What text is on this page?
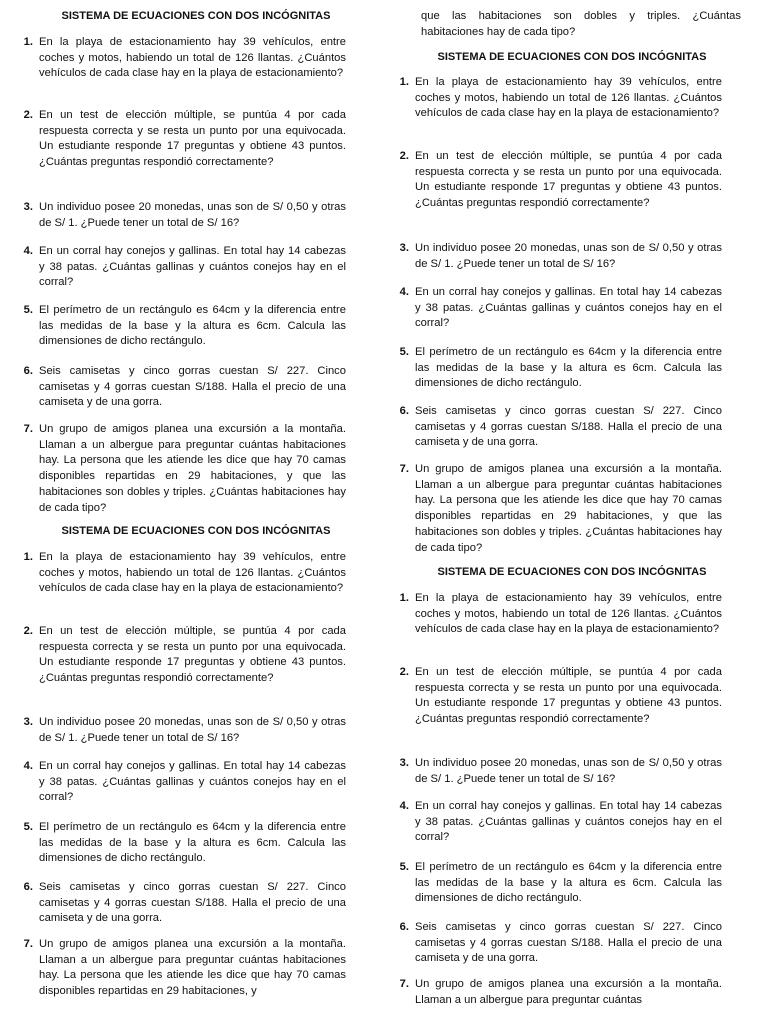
SISTEMA DE ECUACIONES CON DOS INCÓGNITAS
1. En la playa de estacionamiento hay 39 vehículos, entre coches y motos, habiendo un total de 126 llantas. ¿Cuántos vehículos de cada clase hay en la playa de estacionamiento?

2. En un test de elección múltiple, se puntúa 4 por cada respuesta correcta y se resta un punto por una equivocada. Un estudiante responde 17 preguntas y obtiene 43 puntos. ¿Cuántas preguntas respondió correctamente?

3. Un individuo posee 20 monedas, unas son de S/ 0,50 y otras de S/ 1. ¿Puede tener un total de S/ 16?

4. En un corral hay conejos y gallinas. En total hay 14 cabezas y 38 patas. ¿Cuántas gallinas y cuántos conejos hay en el corral?

5. El perímetro de un rectángulo es 64cm y la diferencia entre las medidas de la base y la altura es 6cm. Calcula las dimensiones de dicho rectángulo.

6. Seis camisetas y cinco gorras cuestan S/ 227. Cinco camisetas y 4 gorras cuestan S/188. Halla el precio de una camiseta y de una gorra.

7. Un grupo de amigos planea una excursión a la montaña. Llaman a un albergue para preguntar cuántas habitaciones hay. La persona que les atiende les dice que hay 70 camas disponibles repartidas en 29 habitaciones, y que las habitaciones son dobles y triples. ¿Cuántas habitaciones hay de cada tipo?

SISTEMA DE ECUACIONES CON DOS INCÓGNITAS
1. En la playa de estacionamiento hay 39 vehículos, entre coches y motos, habiendo un total de 126 llantas. ¿Cuántos vehículos de cada clase hay en la playa de estacionamiento?

2. En un test de elección múltiple, se puntúa 4 por cada respuesta correcta y se resta un punto por una equivocada. Un estudiante responde 17 preguntas y obtiene 43 puntos. ¿Cuántas preguntas respondió correctamente?

3. Un individuo posee 20 monedas, unas son de S/ 0,50 y otras de S/ 1. ¿Puede tener un total de S/ 16?

4. En un corral hay conejos y gallinas. En total hay 14 cabezas y 38 patas. ¿Cuántas gallinas y cuántos conejos hay en el corral?

5. El perímetro de un rectángulo es 64cm y la diferencia entre las medidas de la base y la altura es 6cm. Calcula las dimensiones de dicho rectángulo.

6. Seis camisetas y cinco gorras cuestan S/ 227. Cinco camisetas y 4 gorras cuestan S/188. Halla el precio de una camiseta y de una gorra.

7. Un grupo de amigos planea una excursión a la montaña. Llaman a un albergue para preguntar cuántas habitaciones hay. La persona que les atiende les dice que hay 70 camas disponibles repartidas en 29 habitaciones, y

que las habitaciones son dobles y triples. ¿Cuántas habitaciones hay de cada tipo?
SISTEMA DE ECUACIONES CON DOS INCÓGNITAS
1. En la playa de estacionamiento hay 39 vehículos, entre coches y motos, habiendo un total de 126 llantas. ¿Cuántos vehículos de cada clase hay en la playa de estacionamiento?

2. En un test de elección múltiple, se puntúa 4 por cada respuesta correcta y se resta un punto por una equivocada. Un estudiante responde 17 preguntas y obtiene 43 puntos. ¿Cuántas preguntas respondió correctamente?

3. Un individuo posee 20 monedas, unas son de S/ 0,50 y otras de S/ 1. ¿Puede tener un total de S/ 16?

4. En un corral hay conejos y gallinas. En total hay 14 cabezas y 38 patas. ¿Cuántas gallinas y cuántos conejos hay en el corral?

5. El perímetro de un rectángulo es 64cm y la diferencia entre las medidas de la base y la altura es 6cm. Calcula las dimensiones de dicho rectángulo.

6. Seis camisetas y cinco gorras cuestan S/ 227. Cinco camisetas y 4 gorras cuestan S/188. Halla el precio de una camiseta y de una gorra.

7. Un grupo de amigos planea una excursión a la montaña. Llaman a un albergue para preguntar cuántas habitaciones hay. La persona que les atiende les dice que hay 70 camas disponibles repartidas en 29 habitaciones, y que las habitaciones son dobles y triples. ¿Cuántas habitaciones hay de cada tipo?

SISTEMA DE ECUACIONES CON DOS INCÓGNITAS
1. En la playa de estacionamiento hay 39 vehículos, entre coches y motos, habiendo un total de 126 llantas. ¿Cuántos vehículos de cada clase hay en la playa de estacionamiento?

2. En un test de elección múltiple, se puntúa 4 por cada respuesta correcta y se resta un punto por una equivocada. Un estudiante responde 17 preguntas y obtiene 43 puntos. ¿Cuántas preguntas respondió correctamente?

3. Un individuo posee 20 monedas, unas son de S/ 0,50 y otras de S/ 1. ¿Puede tener un total de S/ 16?

4. En un corral hay conejos y gallinas. En total hay 14 cabezas y 38 patas. ¿Cuántas gallinas y cuántos conejos hay en el corral?

5. El perímetro de un rectángulo es 64cm y la diferencia entre las medidas de la base y la altura es 6cm. Calcula las dimensiones de dicho rectángulo.

6. Seis camisetas y cinco gorras cuestan S/ 227. Cinco camisetas y 4 gorras cuestan S/188. Halla el precio de una camiseta y de una gorra.

7. Un grupo de amigos planea una excursión a la montaña. Llaman a un albergue para preguntar cuántas
